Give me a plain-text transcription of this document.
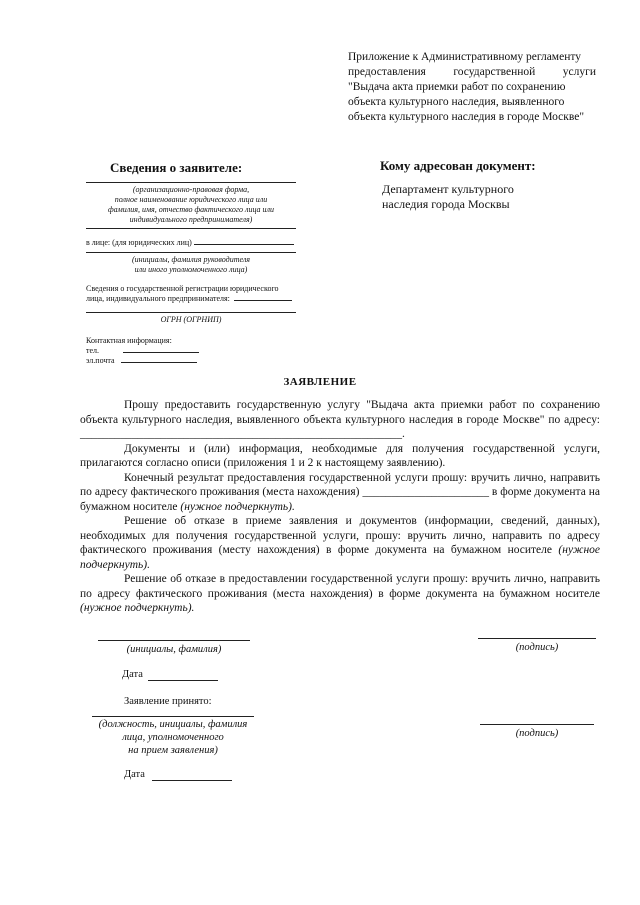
Приложение к Административному регламенту
предоставления государственной услуги
"Выдача акта приемки работ по сохранению
объекта культурного наследия, выявленного
объекта культурного наследия в городе Москве"
Сведения о заявителе:
(организационно-правовая форма,
полное наименование юридического лица или
фамилия, имя, отчество фактического лица или
индивидуального предпринимателя)
в лице: (для юридических лиц)
(инициалы, фамилия руководителя
или иного уполномоченного лица)
Сведения о государственной регистрации юридического
лица, индивидуального предпринимателя:
ОГРН (ОГРНИП)
Контактная информация:
тел.
эл.почта
Кому адресован документ:
Департамент культурного
наследия города Москвы
ЗАЯВЛЕНИЕ

Прошу предоставить государственную услугу "Выдача акта приемки работ по сохранению объекта культурного наследия, выявленного объекта культурного наследия в городе Москве" по адресу: ________________________________________________________.

Документы и (или) информация, необходимые для получения государственной услуги, прилагаются согласно описи (приложения 1 и 2 к настоящему заявлению).

Конечный результат предоставления государственной услуги прошу: вручить лично, направить по адресу фактического проживания (места нахождения) ______________________ в форме документа на бумажном носителе (нужное подчеркнуть).

Решение об отказе в приеме заявления и документов (информации, сведений, данных), необходимых для получения государственной услуги, прошу: вручить лично, направить по адресу фактического проживания (месту нахождения) в форме документа на бумажном носителе (нужное подчеркнуть).

Решение об отказе в предоставлении государственной услуги прошу: вручить лично, направить по адресу фактического проживания (места нахождения) в форме документа на бумажном носителе (нужное подчеркнуть).

(инициалы, фамилия)	(подпись)
Дата
Заявление принято:
(должность, инициалы, фамилия
лица, уполномоченного
на прием заявления)
(подпись)
Дата
